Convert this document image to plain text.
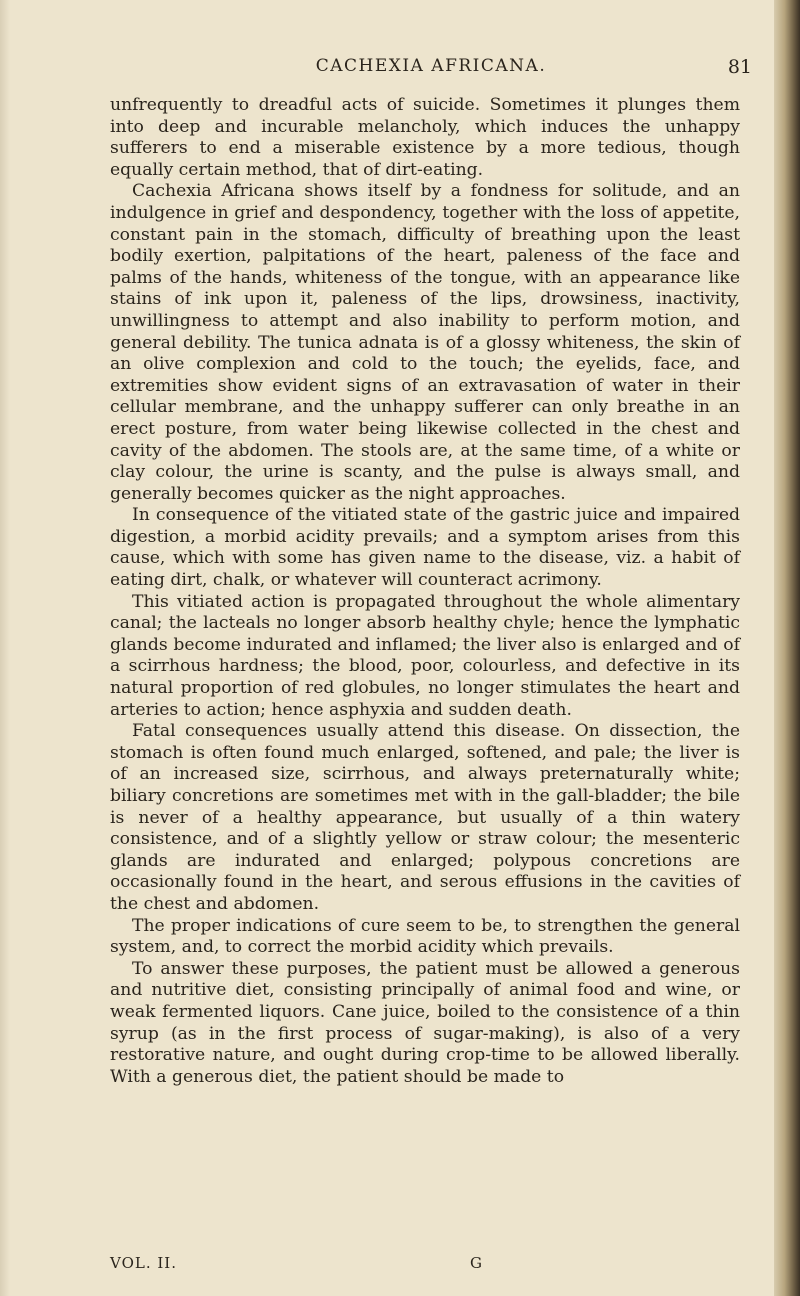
CACHEXIA AFRICANA.	81

unfrequently to dreadful acts of suicide. Sometimes it plunges them into deep and incurable melancholy, which induces the unhappy sufferers to end a miserable existence by a more tedious, though equally certain method, that of dirt-eating.

Cachexia Africana shows itself by a fondness for solitude, and an indulgence in grief and despondency, together with the loss of appetite, constant pain in the stomach, difficulty of breathing upon the least bodily exertion, palpitations of the heart, paleness of the face and palms of the hands, whiteness of the tongue, with an appearance like stains of ink upon it, paleness of the lips, drowsiness, inactivity, unwillingness to attempt and also inability to perform motion, and general debility. The tunica adnata is of a glossy whiteness, the skin of an olive complexion and cold to the touch; the eyelids, face, and extremities show evident signs of an extravasation of water in their cellular membrane, and the unhappy sufferer can only breathe in an erect posture, from water being likewise collected in the chest and cavity of the abdomen. The stools are, at the same time, of a white or clay colour, the urine is scanty, and the pulse is always small, and generally becomes quicker as the night approaches.

In consequence of the vitiated state of the gastric juice and impaired digestion, a morbid acidity prevails; and a symptom arises from this cause, which with some has given name to the disease, viz. a habit of eating dirt, chalk, or whatever will counteract acrimony.

This vitiated action is propagated throughout the whole alimentary canal; the lacteals no longer absorb healthy chyle; hence the lymphatic glands become indurated and inflamed; the liver also is enlarged and of a scirrhous hardness; the blood, poor, colourless, and defective in its natural proportion of red globules, no longer stimulates the heart and arteries to action; hence asphyxia and sudden death.

Fatal consequences usually attend this disease. On dissection, the stomach is often found much enlarged, softened, and pale; the liver is of an increased size, scirrhous, and always preternaturally white; biliary concretions are sometimes met with in the gall-bladder; the bile is never of a healthy appearance, but usually of a thin watery consistence, and of a slightly yellow or straw colour; the mesenteric glands are indurated and enlarged; polypous concretions are occasionally found in the heart, and serous effusions in the cavities of the chest and abdomen.

The proper indications of cure seem to be, to strengthen the general system, and, to correct the morbid acidity which prevails.

To answer these purposes, the patient must be allowed a generous and nutritive diet, consisting principally of animal food and wine, or weak fermented liquors. Cane juice, boiled to the consistence of a thin syrup (as in the first process of sugar-making), is also of a very restorative nature, and ought during crop-time to be allowed liberally. With a generous diet, the patient should be made to

VOL. II.	G
